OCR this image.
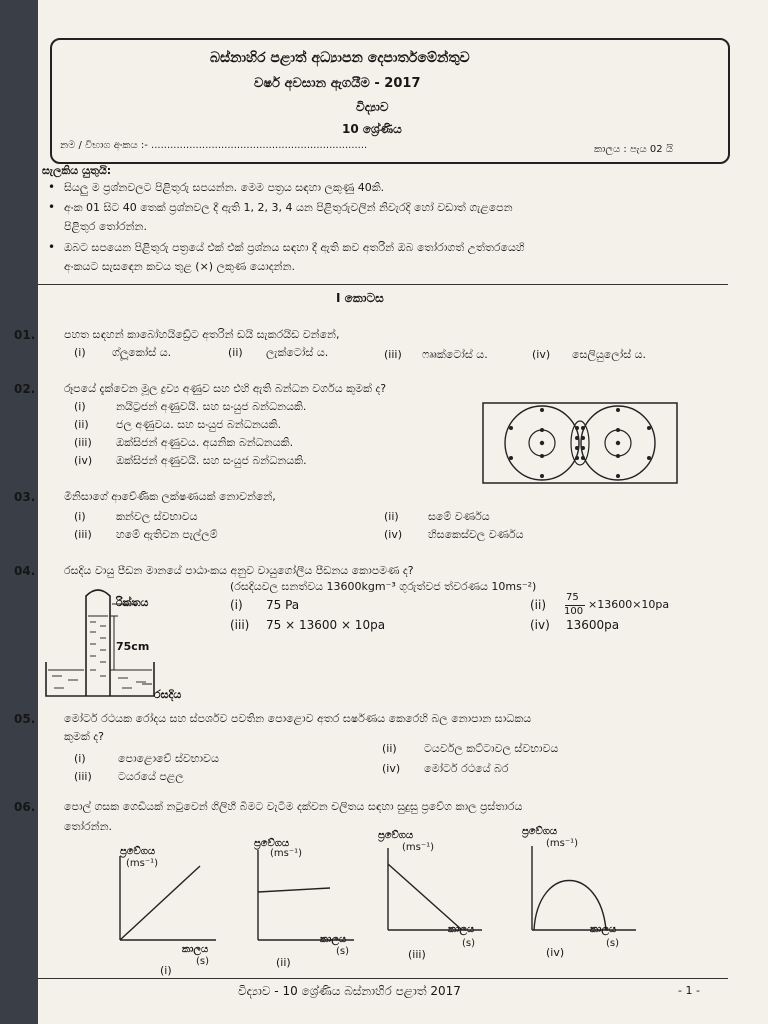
බස්නාහිර පළාත් අධ්‍යාපන දෙපාර්තමේන්තුව
වර්ෂ අවසාන ඇගයීම - 2017
විද්‍යාව
10 ශ්‍රේණිය
නම / විභාග අංකය :- ....................................................................	කාලය : පැය 02 යි
සැලකිය යුතුයි:
• සියලු ම ප්‍රශ්නවලට පිළිතුරු සපයන්න. මෙම පත්‍රය සඳහා ලකුණු 40කි.
• අංක 01 සිට 40 තෙක් ප්‍රශ්නවල දී ඇති 1, 2, 3, 4 යන පිළිතුරුවලින් නිවැරදි හෝ වඩාත් ගැළපෙන
පිළිතුර තෝරන්න.
• ඔබට සපයෙන පිළිතුරු පත්‍රයේ එක් එක් ප්‍රශ්නය සඳහා දී ඇති කව අතරින් ඔබ තෝරාගත් උත්තරයෙහි
අංකයට සැසඳෙන කවය තුළ (×) ලකුණ යොදන්න.
I කොටස
01.	පහත සඳහන් කාබෝහයිඩ්‍රේට අතරින් ඩයි සැකරයිඩ වන්නේ,
(i) ග්ලූකෝස් ය.	(ii) ලැක්ටෝස් ය.	(iii) ෆෲක්ටෝස් ය.	(iv) සෙලියුලෝස් ය.
02.	රූපයේ දැක්වෙන මූල ද්‍රව්‍ය අණුව සහ එහි ඇති බන්ධන වර්ගය කුමක් ද?
(i)	නයිට්‍රජන් අණුවයි. සහ සංයුජ බන්ධනයකි.
(ii) ජල අණුවය. සහ සංයුජ බන්ධනයකි.
(iii) ඔක්සිජන් අණුවය. අයනික බන්ධනයකි.
(iv) ඔක්සිජන් අණුවයි. සහ සංයුජ බන්ධනයකි.
03.	මිනිසාගේ ආවේණික ලක්ෂණයක් නොවන්නේ,
(i)	කන්වල ස්වභාවය	(ii)	සමේ වර්ණය
(iii) හමේ ඇතිවන පැල්ලම්	(iv) හිසකෙස්වල වර්ණය
04.	රසදිය වායු පීඩන මානයේ පාඨාංකය අනුව වායුගෝලීය පීඩනය කොපමණ ද?
(රසදියවල ඝනත්වය 13600kgm⁻³ ගුරුත්වජ ත්වරණය 10ms⁻²)
රික්තය
75cm
රසදිය
(i) 75 Pa	(ii)
75
100
×13600×10pa
(iii) 75 × 13600 × 10pa	(iv) 13600pa
05.	මෝටර් රථයක රෝදය සහ ස්පර්ශව පවතින පොළොව අතර ඝර්ෂණය කෙරෙහි බල නොපාන සාධකය
කුමක් ද?
(i)	පොළොවේ ස්වභාවය
(ii) ටයර්වල කට්ටාවල ස්වභාවය
(iii) ටයරයේ පළල
(iv) මෝටර් රථයේ බර
06.	පොල් ගසක ගෙඩියක් නටුවෙන් ගිලිහී බිමට වැටීම දක්වන චලිතය සඳහා සුදුසු ප්‍රවේග කාල ප්‍රස්තාරය
තෝරන්න.
ප්‍රවේගය
(ms⁻¹)
කාලය
(s)
(i)
ප්‍රවේගය
(ms⁻¹)
කාලය
(s)
(ii)
ප්‍රවේගය
(ms⁻¹)
කාලය
(s)
(iii)
ප්‍රවේගය
(ms⁻¹)
කාලය
(s)
(iv)
විද්‍යාව - 10 ශ්‍රේණිය බස්නාහිර පළාත් 2017	- 1 -
